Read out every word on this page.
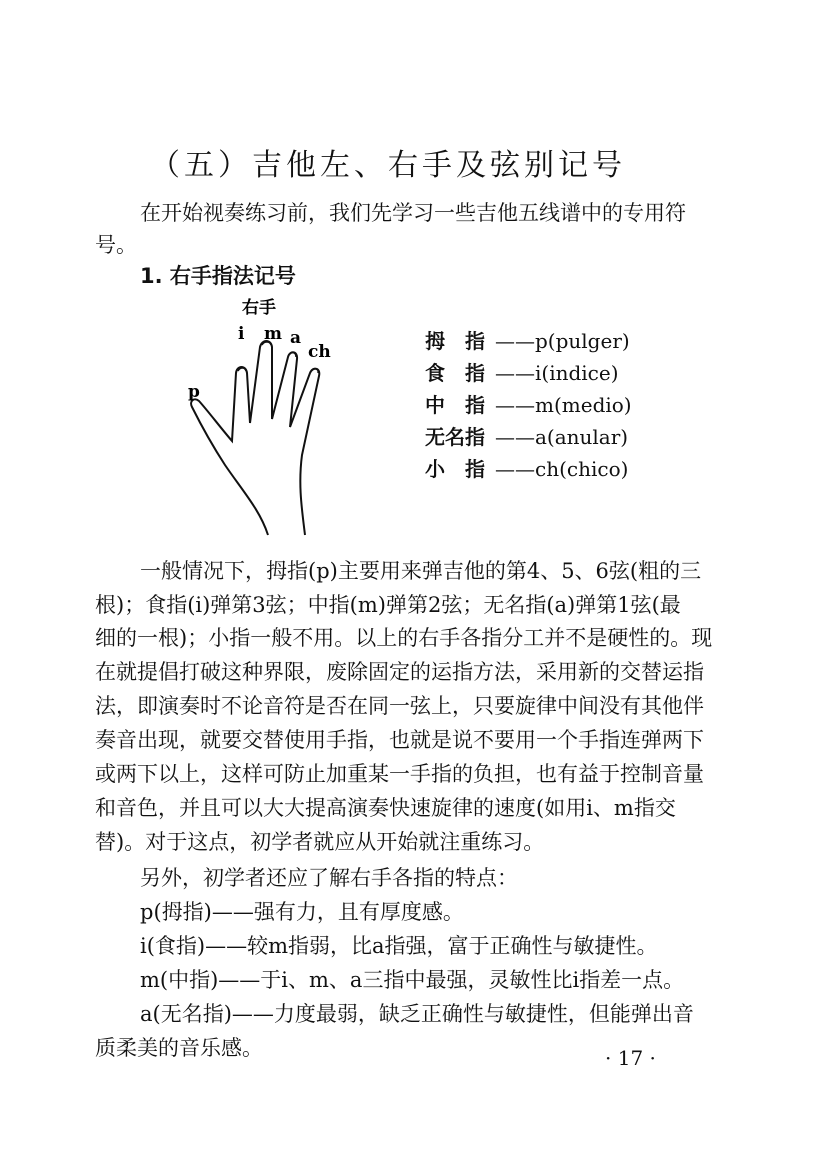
（五）吉他左、右手及弦别记号
在开始视奏练习前，我们先学习一些吉他五线谱中的专用符
号。
1. 右手指法记号
右手
i m a
ch
p
拇　指 ——p(pulger)
食　指 ——i(indice)
中　指 ——m(medio)
无名指 ——a(anular)
小　指 ——ch(chico)
一般情况下，拇指(p)主要用来弹吉他的第4、5、6弦(粗的三
根)；食指(i)弹第3弦；中指(m)弹第2弦；无名指(a)弹第1弦(最
细的一根)；小指一般不用。以上的右手各指分工并不是硬性的。现
在就提倡打破这种界限，废除固定的运指方法，采用新的交替运指
法，即演奏时不论音符是否在同一弦上，只要旋律中间没有其他伴
奏音出现，就要交替使用手指，也就是说不要用一个手指连弹两下
或两下以上，这样可防止加重某一手指的负担，也有益于控制音量
和音色，并且可以大大提高演奏快速旋律的速度(如用i、m指交
替)。对于这点，初学者就应从开始就注重练习。
另外，初学者还应了解右手各指的特点：
p(拇指)——强有力，且有厚度感。
i(食指)——较m指弱，比a指强，富于正确性与敏捷性。
m(中指)——于i、m、a三指中最强，灵敏性比i指差一点。
a(无名指)——力度最弱，缺乏正确性与敏捷性，但能弹出音
质柔美的音乐感。	· 17 ·
